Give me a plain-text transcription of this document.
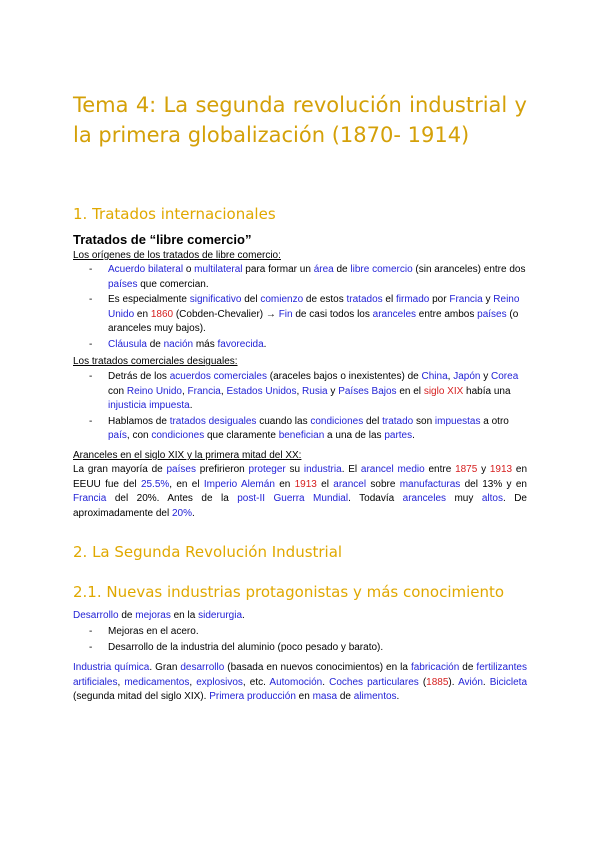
Tema 4: La segunda revolución industrial y la primera globalización (1870- 1914)
1. Tratados internacionales
Tratados de “libre comercio”
Los orígenes de los tratados de libre comercio:
- Acuerdo bilateral o multilateral para formar un área de libre comercio (sin aranceles) entre dos países que comercian.
- Es especialmente significativo del comienzo de estos tratados el firmado por Francia y Reino Unido en 1860 (Cobden-Chevalier) → Fin de casi todos los aranceles entre ambos países (o aranceles muy bajos).
- Cláusula de nación más favorecida.
Los tratados comerciales desiguales:
- Detrás de los acuerdos comerciales (araceles bajos o inexistentes) de China, Japón y Corea con Reino Unido, Francia, Estados Unidos, Rusia y Países Bajos en el siglo XIX había una injusticia impuesta.
- Hablamos de tratados desiguales cuando las condiciones del tratado son impuestas a otro país, con condiciones que claramente benefician a una de las partes.
Aranceles en el siglo XIX y la primera mitad del XX:
La gran mayoría de países prefirieron proteger su industria. El arancel medio entre 1875 y 1913 en EEUU fue del 25.5%, en el Imperio Alemán en 1913 el arancel sobre manufacturas del 13% y en Francia del 20%. Antes de la post-II Guerra Mundial. Todavía aranceles muy altos. De aproximadamente del 20%.
2. La Segunda Revolución Industrial
2.1. Nuevas industrias protagonistas y más conocimiento
Desarrollo de mejoras en la siderurgia.
- Mejoras en el acero.
- Desarrollo de la industria del aluminio (poco pesado y barato).
Industria química. Gran desarrollo (basada en nuevos conocimientos) en la fabricación de fertilizantes artificiales, medicamentos, explosivos, etc. Automoción. Coches particulares (1885). Avión. Bicicleta (segunda mitad del siglo XIX). Primera producción en masa de alimentos.
